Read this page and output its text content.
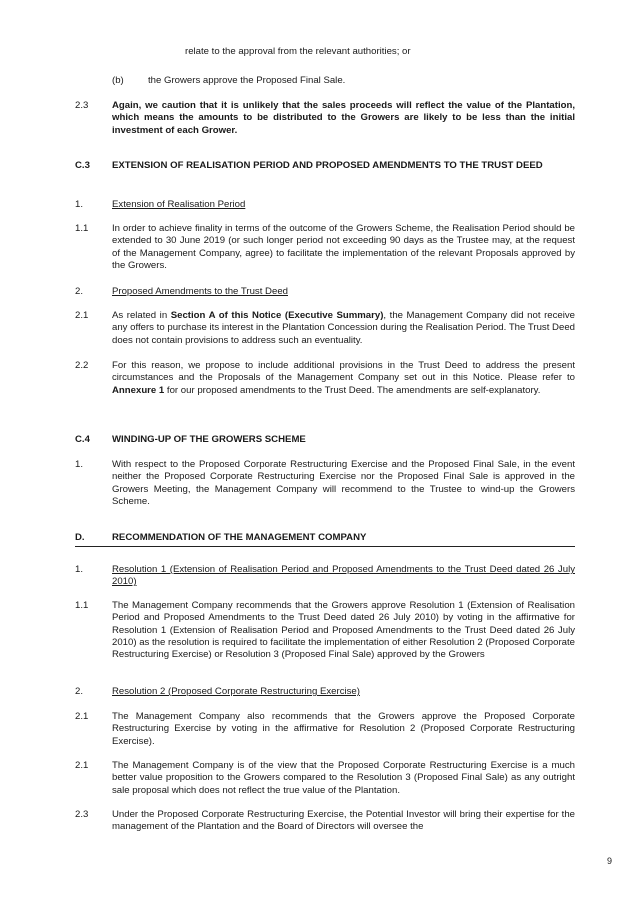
relate to the approval from the relevant authorities; or
(b)	the Growers approve the Proposed Final Sale.
2.3 Again, we caution that it is unlikely that the sales proceeds will reflect the value of the Plantation, which means the amounts to be distributed to the Growers are likely to be less than the initial investment of each Grower.
C.3 EXTENSION OF REALISATION PERIOD AND PROPOSED AMENDMENTS TO THE TRUST DEED
1.	Extension of Realisation Period
1.1 In order to achieve finality in terms of the outcome of the Growers Scheme, the Realisation Period should be extended to 30 June 2019 (or such longer period not exceeding 90 days as the Trustee may, at the request of the Management Company, agree) to facilitate the implementation of the relevant Proposals approved by the Growers.
2.	Proposed Amendments to the Trust Deed
2.1 As related in Section A of this Notice (Executive Summary), the Management Company did not receive any offers to purchase its interest in the Plantation Concession during the Realisation Period. The Trust Deed does not contain provisions to address such an eventuality.
2.2 For this reason, we propose to include additional provisions in the Trust Deed to address the present circumstances and the Proposals of the Management Company set out in this Notice. Please refer to Annexure 1 for our proposed amendments to the Trust Deed. The amendments are self-explanatory.
C.4 WINDING-UP OF THE GROWERS SCHEME
1.	With respect to the Proposed Corporate Restructuring Exercise and the Proposed Final Sale, in the event neither the Proposed Corporate Restructuring Exercise nor the Proposed Final Sale is approved in the Growers Meeting, the Management Company will recommend to the Trustee to wind-up the Growers Scheme.
D.	RECOMMENDATION OF THE MANAGEMENT COMPANY
1.	Resolution 1 (Extension of Realisation Period and Proposed Amendments to the Trust Deed dated 26 July 2010)
1.1 The Management Company recommends that the Growers approve Resolution 1 (Extension of Realisation Period and Proposed Amendments to the Trust Deed dated 26 July 2010) by voting in the affirmative for Resolution 1 (Extension of Realisation Period and Proposed Amendments to the Trust Deed dated 26 July 2010) as the resolution is required to facilitate the implementation of either Resolution 2 (Proposed Corporate Restructuring Exercise) or Resolution 3 (Proposed Final Sale) approved by the Growers
2.	Resolution 2 (Proposed Corporate Restructuring Exercise)
2.1 The Management Company also recommends that the Growers approve the Proposed Corporate Restructuring Exercise by voting in the affirmative for Resolution 2 (Proposed Corporate Restructuring Exercise).
2.1 The Management Company is of the view that the Proposed Corporate Restructuring Exercise is a much better value proposition to the Growers compared to the Resolution 3 (Proposed Final Sale) as any outright sale proposal which does not reflect the true value of the Plantation.
2.3 Under the Proposed Corporate Restructuring Exercise, the Potential Investor will bring their expertise for the management of the Plantation and the Board of Directors will oversee the
9
